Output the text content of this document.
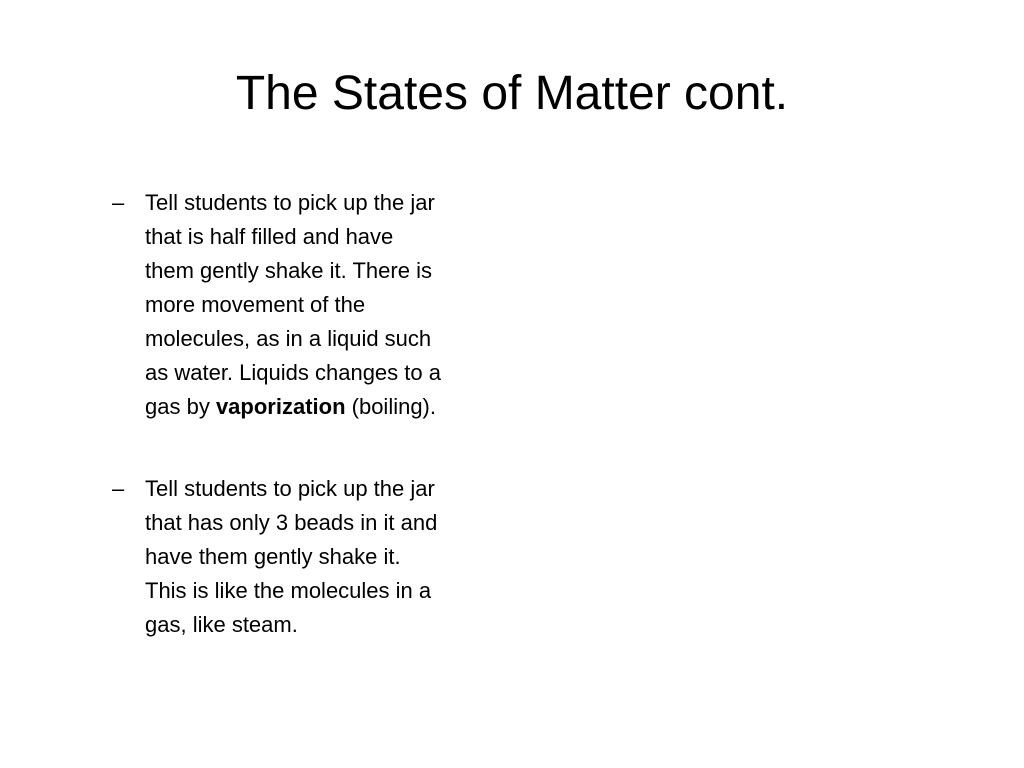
The States of Matter cont.
– Tell students to pick up the jar
that is half filled and have
them gently shake it. There is
more movement of the
molecules, as in a liquid such
as water. Liquids changes to a
gas by vaporization (boiling).
– Tell students to pick up the jar
that has only 3 beads in it and
have them gently shake it.
This is like the molecules in a
gas, like steam.
